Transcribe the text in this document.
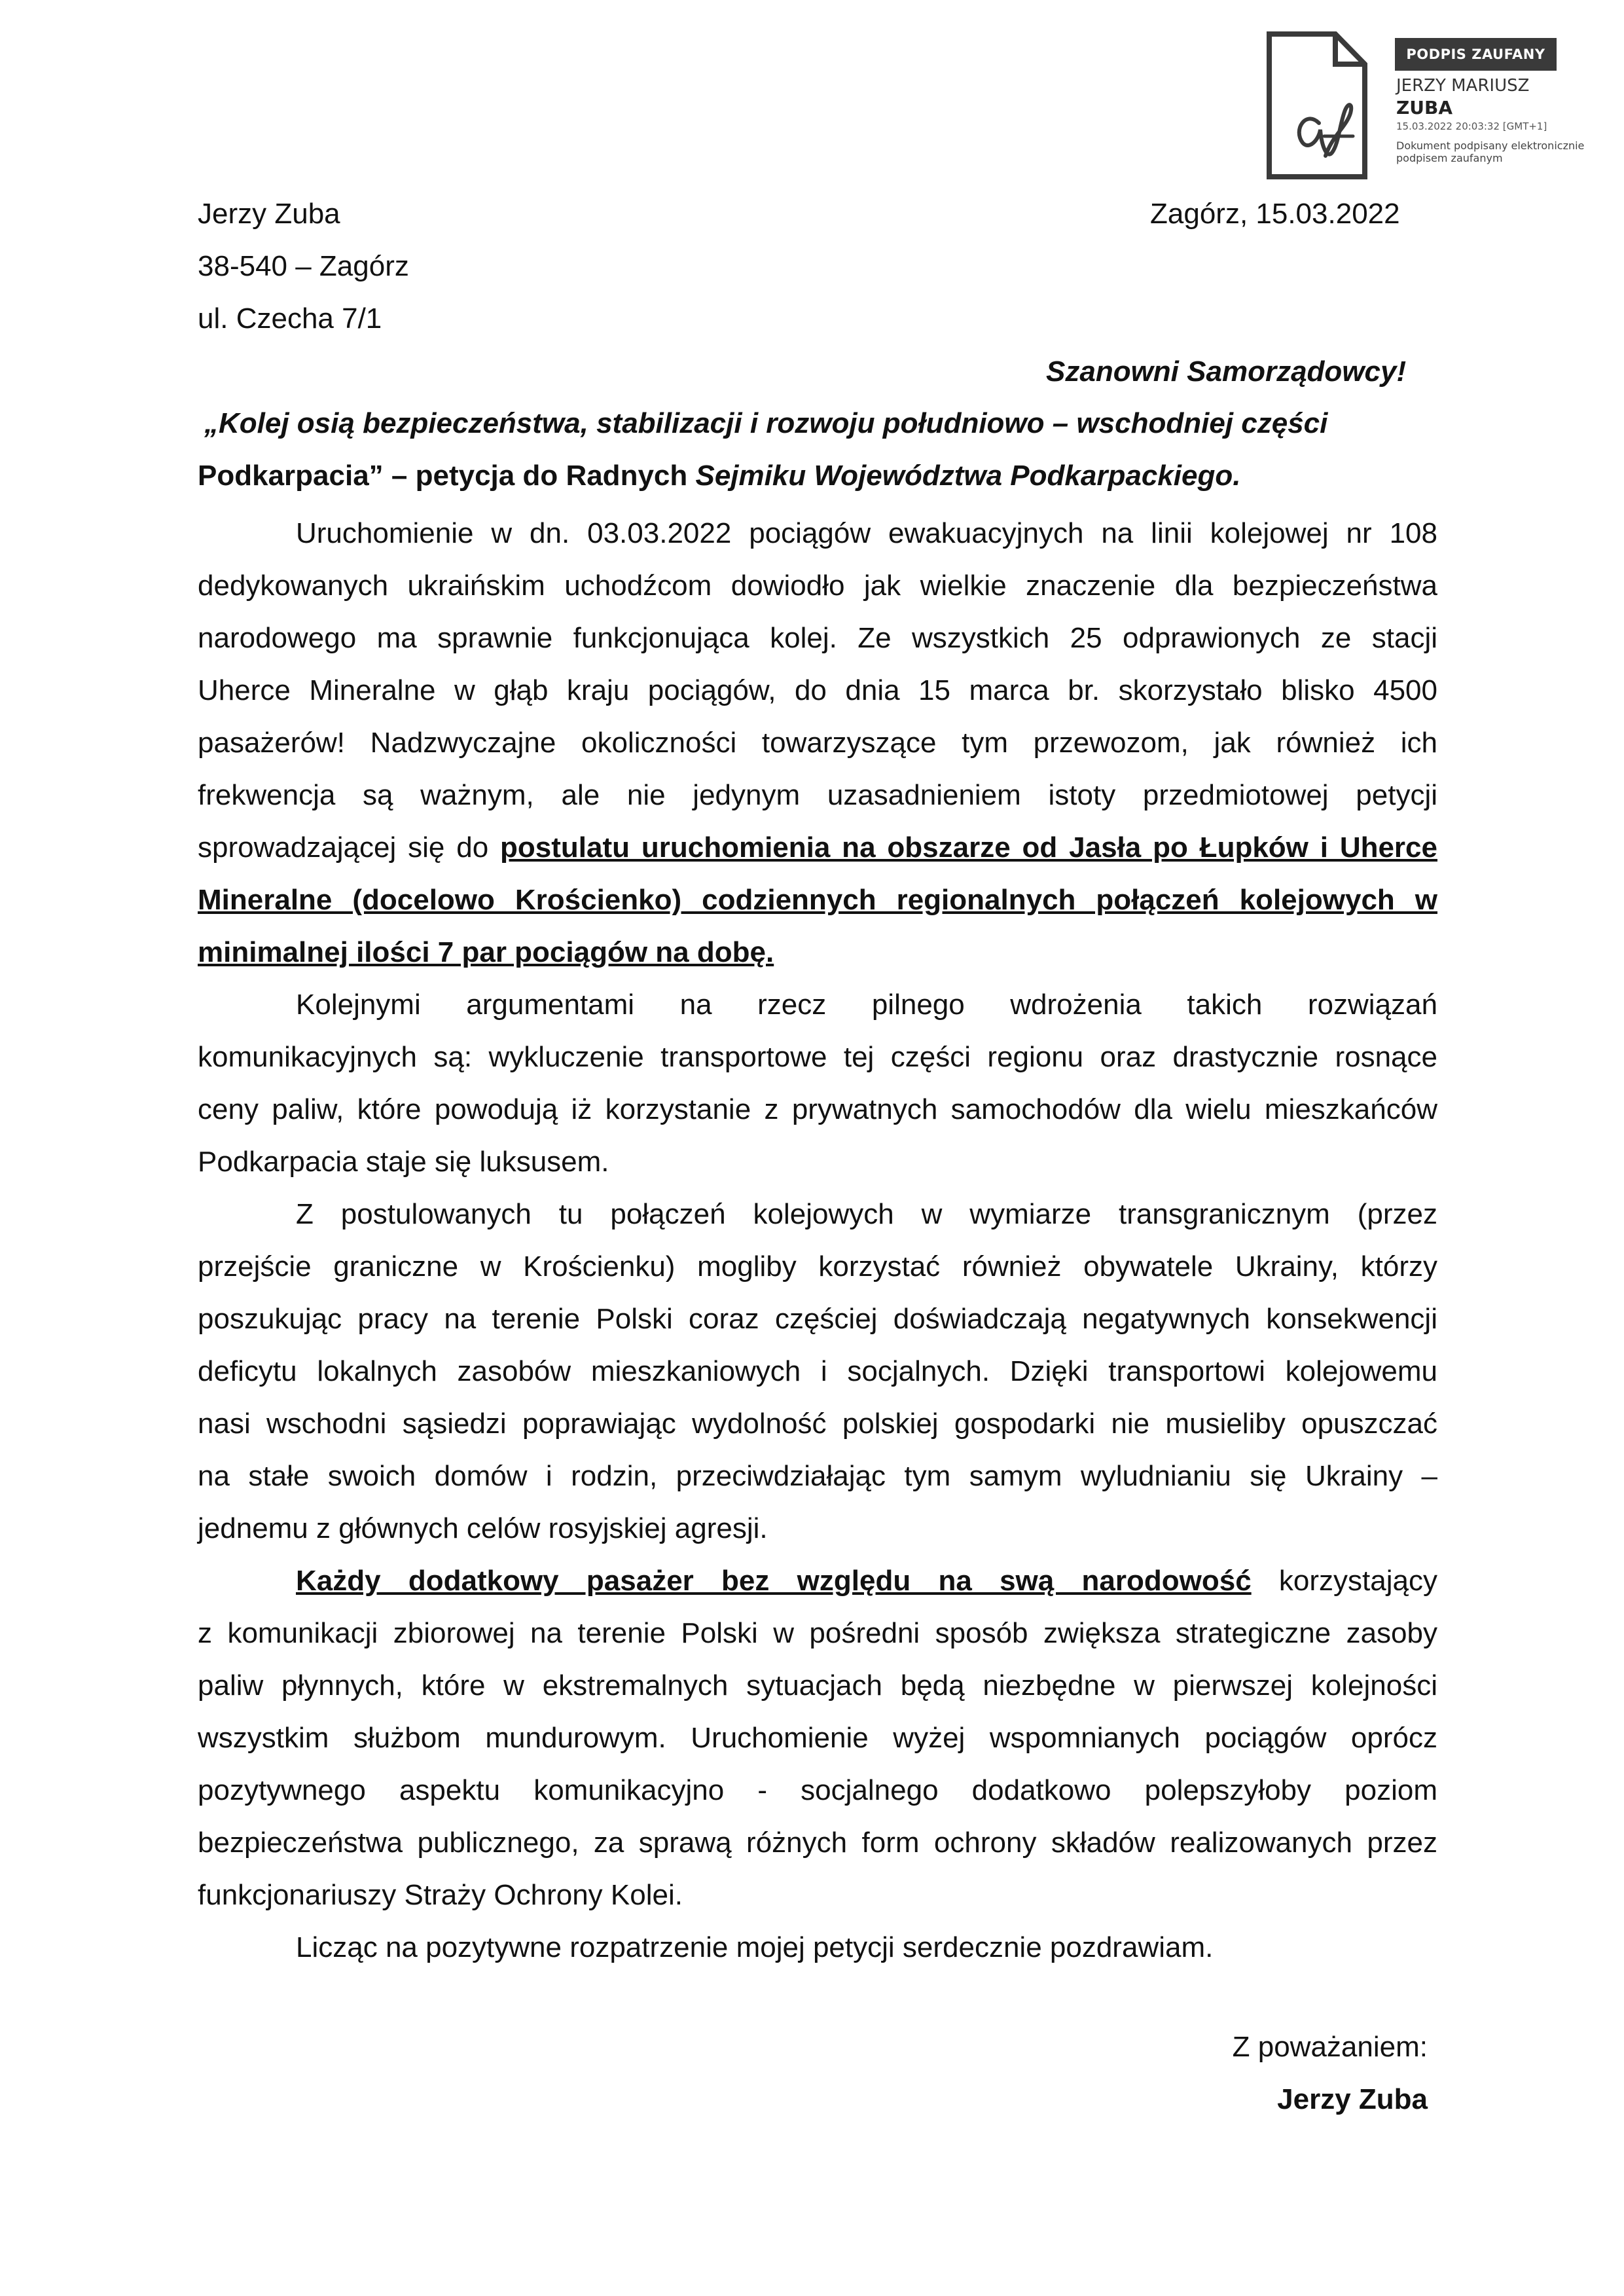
PODPIS ZAUFANY
JERZY MARIUSZ
ZUBA
15.03.2022 20:03:32 [GMT+1]
Dokument podpisany elektronicznie podpisem zaufanym

Jerzy Zuba

38-540 – Zagórz

ul. Czecha 7/1

Zagórz, 15.03.2022

Szanowni Samorządowcy!

„Kolej osią bezpieczeństwa, stabilizacji i rozwoju południowo – wschodniej części

Podkarpacia” – petycja do Radnych Sejmiku Województwa Podkarpackiego.

Uruchomienie w dn. 03.03.2022 pociągów ewakuacyjnych na linii kolejowej nr 108
dedykowanych ukraińskim uchodźcom dowiodło jak wielkie znaczenie dla bezpieczeństwa
narodowego ma sprawnie funkcjonująca kolej. Ze wszystkich 25 odprawionych ze stacji
Uherce Mineralne w głąb kraju pociągów, do dnia 15 marca br. skorzystało blisko 4500
pasażerów! Nadzwyczajne okoliczności towarzyszące tym przewozom, jak również ich
frekwencja są ważnym, ale nie jedynym uzasadnieniem istoty przedmiotowej petycji
sprowadzającej się do postulatu uruchomienia na obszarze od Jasła po Łupków i Uherce
Mineralne (docelowo Krościenko) codziennych regionalnych połączeń kolejowych w
minimalnej ilości 7 par pociągów na dobę.
Kolejnymi argumentami na rzecz pilnego wdrożenia takich rozwiązań
komunikacyjnych są: wykluczenie transportowe tej części regionu oraz drastycznie rosnące
ceny paliw, które powodują iż korzystanie z prywatnych samochodów dla wielu mieszkańców
Podkarpacia staje się luksusem.
Z postulowanych tu połączeń kolejowych w wymiarze transgranicznym (przez
przejście graniczne w Krościenku) mogliby korzystać również obywatele Ukrainy, którzy
poszukując pracy na terenie Polski coraz częściej doświadczają negatywnych konsekwencji
deficytu lokalnych zasobów mieszkaniowych i socjalnych. Dzięki transportowi kolejowemu
nasi wschodni sąsiedzi poprawiając wydolność polskiej gospodarki nie musieliby opuszczać
na stałe swoich domów i rodzin, przeciwdziałając tym samym wyludnianiu się Ukrainy –
jednemu z głównych celów rosyjskiej agresji.
Każdy dodatkowy pasażer bez względu na swą narodowość korzystający
z komunikacji zbiorowej na terenie Polski w pośredni sposób zwiększa strategiczne zasoby
paliw płynnych, które w ekstremalnych sytuacjach będą niezbędne w pierwszej kolejności
wszystkim służbom mundurowym. Uruchomienie wyżej wspomnianych pociągów oprócz
pozytywnego aspektu komunikacyjno - socjalnego dodatkowo polepszyłoby poziom
bezpieczeństwa publicznego, za sprawą różnych form ochrony składów realizowanych przez
funkcjonariuszy Straży Ochrony Kolei.
Licząc na pozytywne rozpatrzenie mojej petycji serdecznie pozdrawiam.

Z poważaniem:

Jerzy Zuba
